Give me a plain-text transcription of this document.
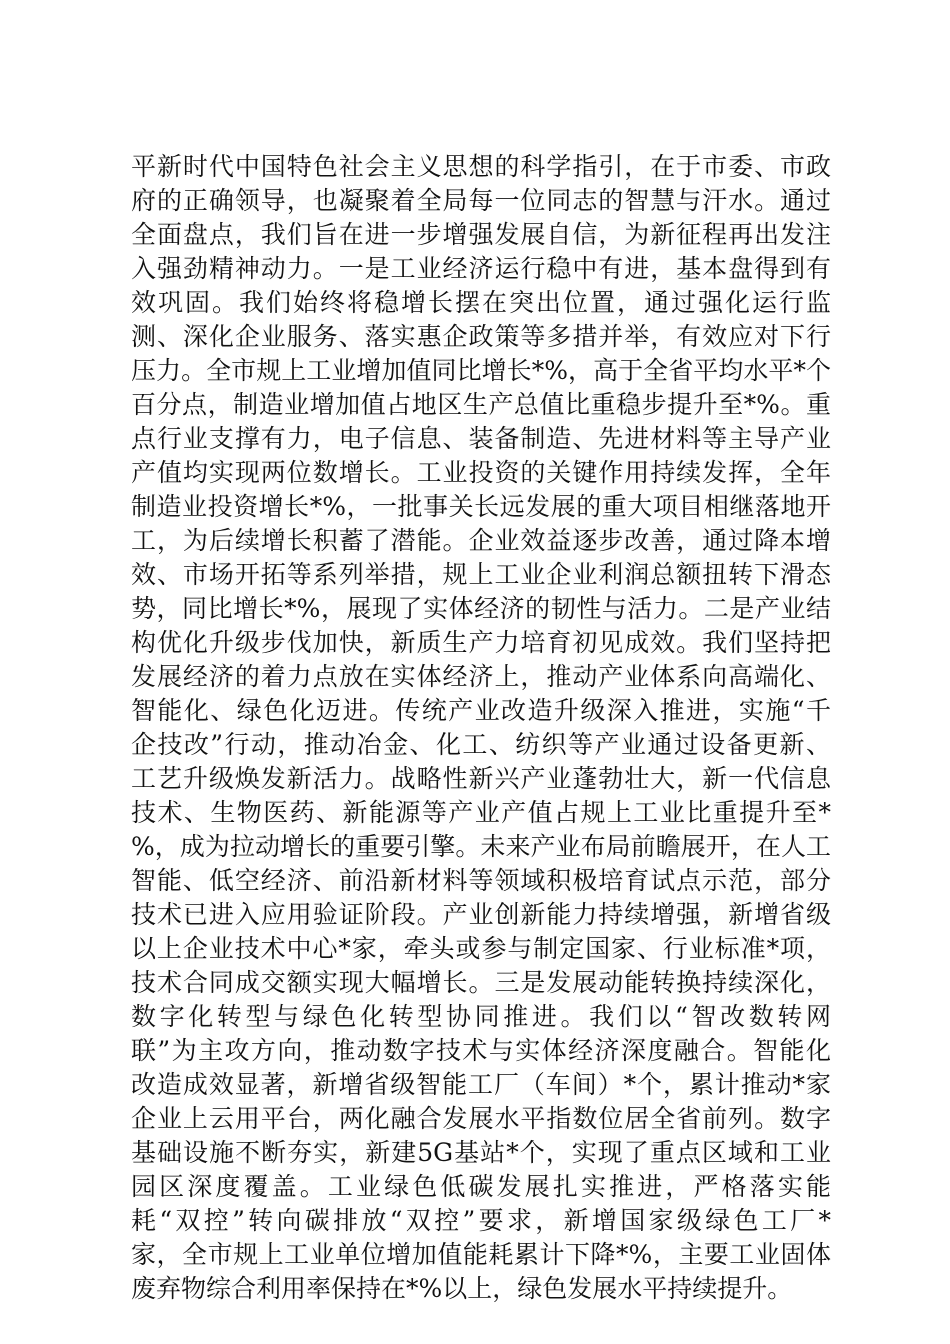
平新时代中国特色社会主义思想的科学指引，在于市委、市政
府的正确领导，也凝聚着全局每一位同志的智慧与汗水。通过
全面盘点，我们旨在进一步增强发展自信，为新征程再出发注
入强劲精神动力。一是工业经济运行稳中有进，基本盘得到有
效巩固。我们始终将稳增长摆在突出位置，通过强化运行监
测、深化企业服务、落实惠企政策等多措并举，有效应对下行
压力。全市规上工业增加值同比增长*%，高于全省平均水平*个
百分点，制造业增加值占地区生产总值比重稳步提升至*%。重
点行业支撑有力，电子信息、装备制造、先进材料等主导产业
产值均实现两位数增长。工业投资的关键作用持续发挥，全年
制造业投资增长*%，一批事关长远发展的重大项目相继落地开
工，为后续增长积蓄了潜能。企业效益逐步改善，通过降本增
效、市场开拓等系列举措，规上工业企业利润总额扭转下滑态
势，同比增长*%，展现了实体经济的韧性与活力。二是产业结
构优化升级步伐加快，新质生产力培育初见成效。我们坚持把
发展经济的着力点放在实体经济上，推动产业体系向高端化、
智能化、绿色化迈进。传统产业改造升级深入推进，实施“千
企技改”行动，推动冶金、化工、纺织等产业通过设备更新、
工艺升级焕发新活力。战略性新兴产业蓬勃壮大，新一代信息
技术、生物医药、新能源等产业产值占规上工业比重提升至*
%，成为拉动增长的重要引擎。未来产业布局前瞻展开，在人工
智能、低空经济、前沿新材料等领域积极培育试点示范，部分
技术已进入应用验证阶段。产业创新能力持续增强，新增省级
以上企业技术中心*家，牵头或参与制定国家、行业标准*项，
技术合同成交额实现大幅增长。三是发展动能转换持续深化，
数字化转型与绿色化转型协同推进。我们以“智改数转网
联”为主攻方向，推动数字技术与实体经济深度融合。智能化
改造成效显著，新增省级智能工厂（车间）*个，累计推动*家
企业上云用平台，两化融合发展水平指数位居全省前列。数字
基础设施不断夯实，新建5G基站*个，实现了重点区域和工业
园区深度覆盖。工业绿色低碳发展扎实推进，严格落实能
耗“双控”转向碳排放“双控”要求，新增国家级绿色工厂*
家，全市规上工业单位增加值能耗累计下降*%，主要工业固体
废弃物综合利用率保持在*%以上，绿色发展水平持续提升。
